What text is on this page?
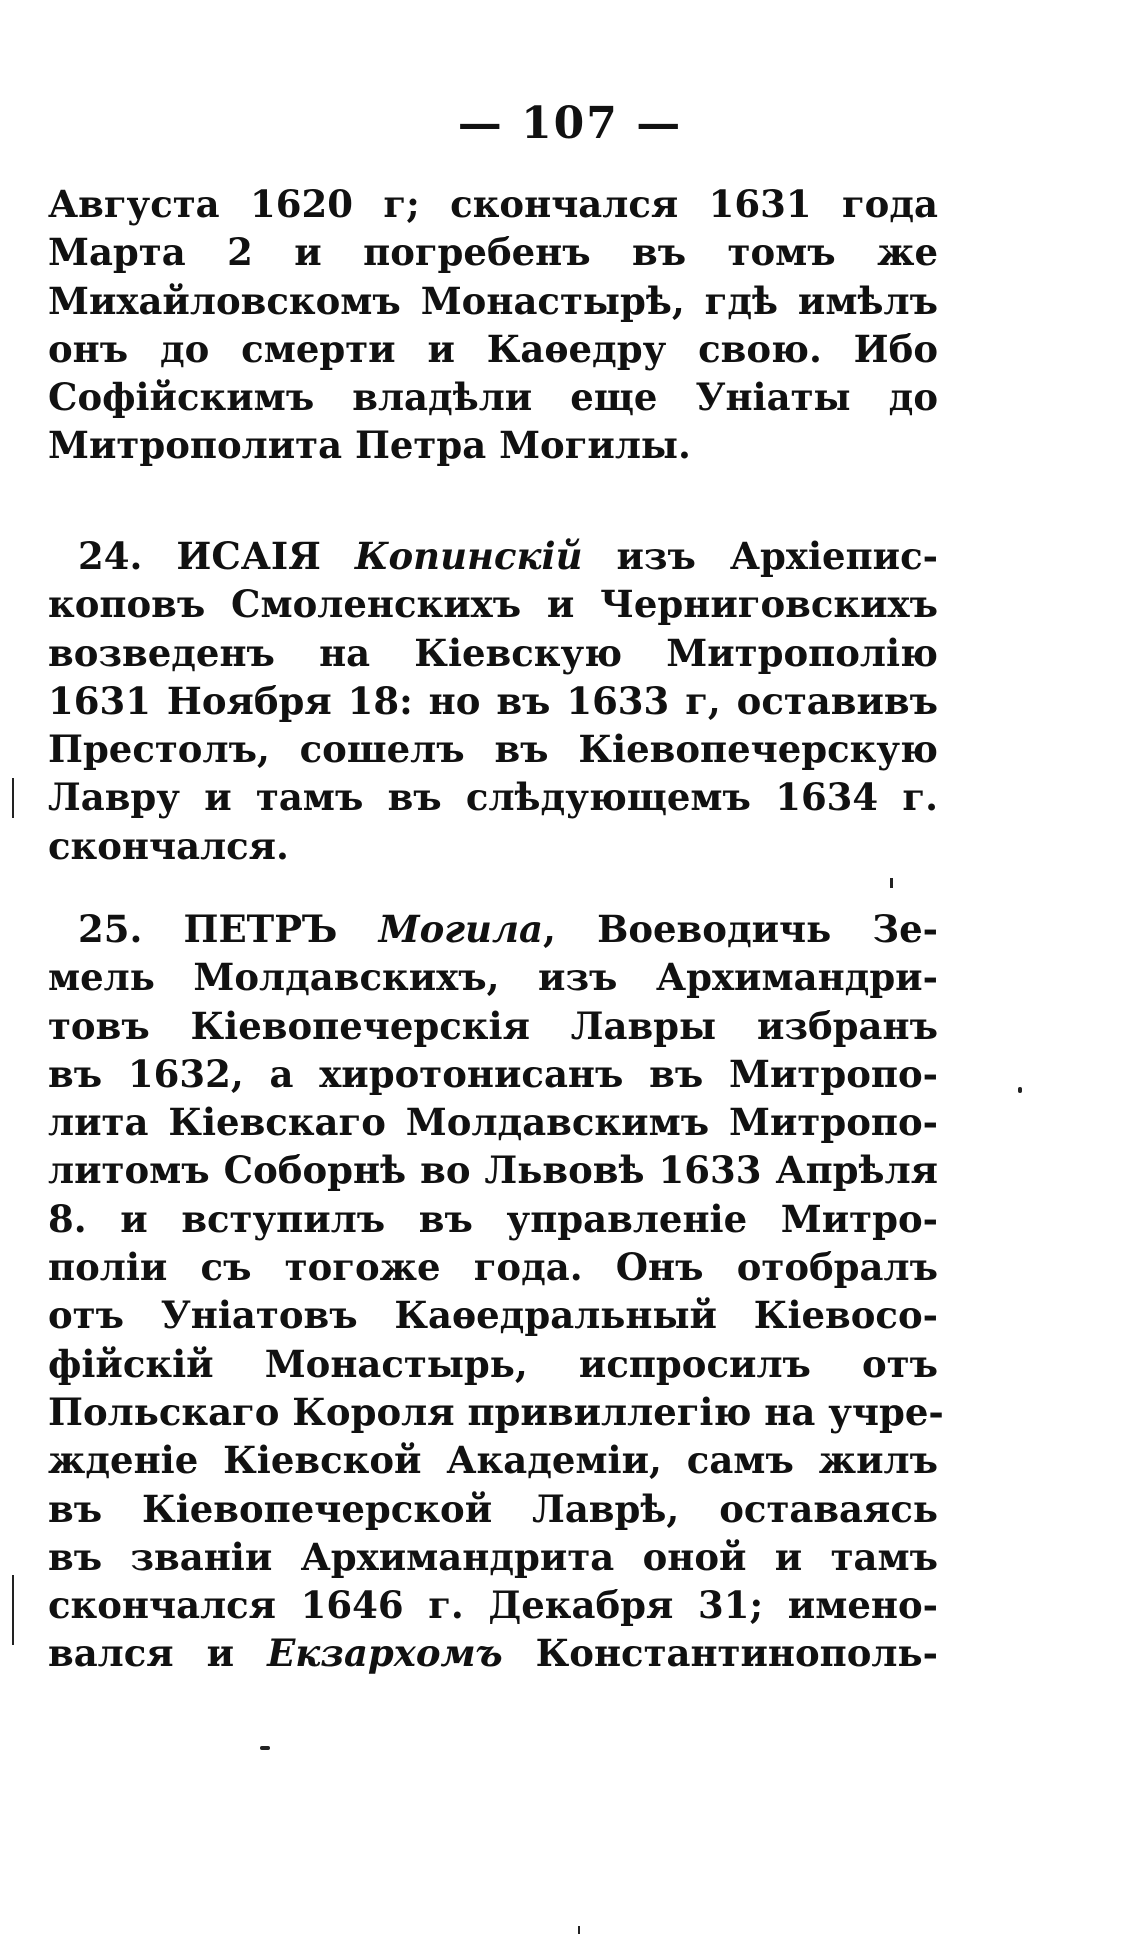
— 107 —
Августа 1620 г; скончался 1631 года
Марта 2 и погребенъ въ томъ же
Михайловскомъ Монастырѣ, гдѣ имѣлъ
онъ до смерти и Каѳедру свою. Ибо
Софійскимъ владѣли еще Уніаты до
Митрополита Петра Могилы.
24. ИСАІЯ Копинскій изъ Архіепис-
коповъ Смоленскихъ и Черниговскихъ
возведенъ на Кіевскую Митрополію
1631 Ноября 18: но въ 1633 г, оставивъ
Престолъ, сошелъ въ Кіевопечерскую
Лавру и тамъ въ слѣдующемъ 1634 г.
скончался.
25. ПЕТРЪ Могила, Воеводичь Зе-
мель Молдавскихъ, изъ Архимандри-
товъ Кіевопечерскія Лавры избранъ
въ 1632, а хиротонисанъ въ Митропо-
лита Кіевскаго Молдавскимъ Митропо-
литомъ Соборнѣ во Львовѣ 1633 Апрѣля
8. и вступилъ въ управленіе Митро-
поліи съ тогоже года. Онъ отобралъ
отъ Уніатовъ Каѳедральный Кіевосо-
фійскій Монастырь, испросилъ отъ
Польскаго Короля привиллегію на учре-
жденіе Кіевской Академіи, самъ жилъ
въ Кіевопечерской Лаврѣ, оставаясь
въ званіи Архимандрита оной и тамъ
скончался 1646 г. Декабря 31; имено-
вался и Екзархомъ Константинополь-
